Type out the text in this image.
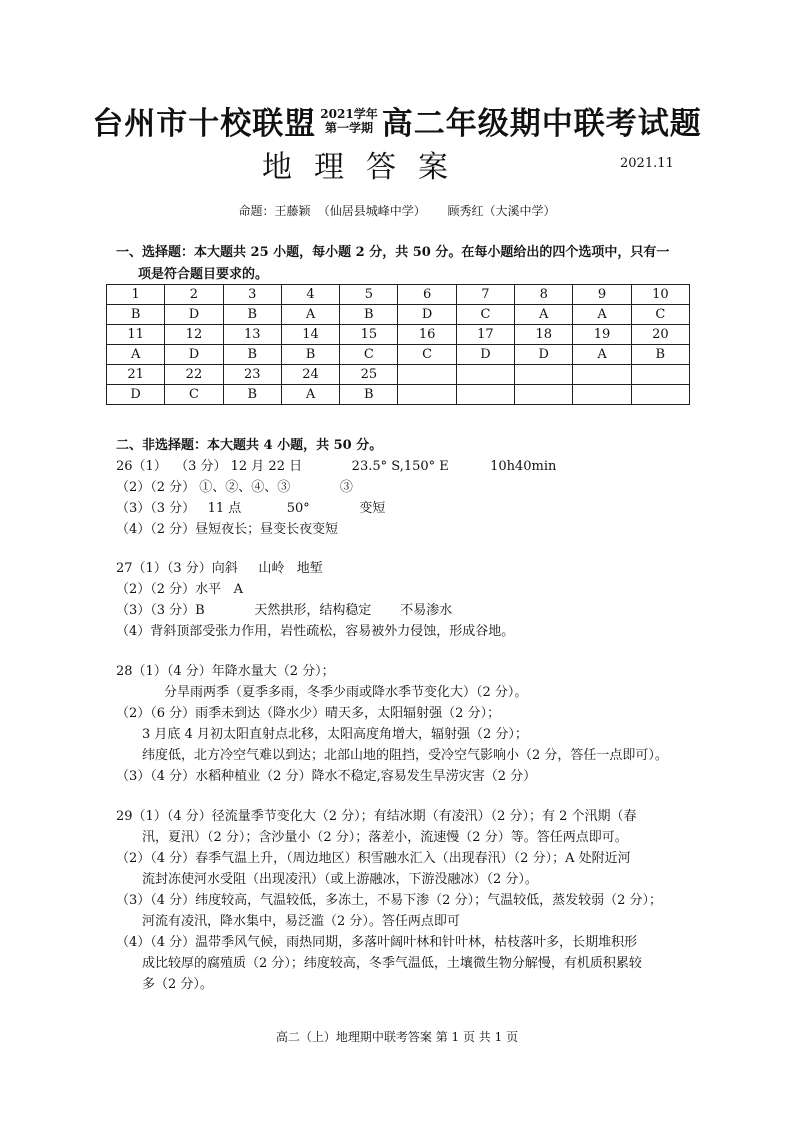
台州市十校联盟 2021学年
第一学期 高二年级期中联考试题
地理答案	2021.11
命题：王藤颖 （仙居县城峰中学）   顾秀红（大溪中学）
一、选择题：本大题共 25 小题，每小题 2 分，共 50 分。在每小题给出的四个选项中，只有一
项是符合题目要求的。
1	2	3	4	5	6	7	8	9	10
B	D	B	A	B	D	C	A	A	C
11	12	13	14	15	16	17	18	19	20
A	D	B	B	C	C	D	D	A	B
21	22	23	24	25					
D	C	B	A	B					
二、非选择题：本大题共 4 小题，共 50 分。
26（1）  （3 分） 12 月 22 日            23.5° S,150° E          10h40min
（2）（2 分） ①、②、④、③            ③
（3）（3 分）   11 点           50°            变短
（4）（2 分）昼短夜长；昼变长夜变短
27（1）（3 分）向斜     山岭   地堑
（2）（2 分）水平   A
（3）（3 分）B            天然拱形，结构稳定       不易渗水
（4）背斜顶部受张力作用，岩性疏松，容易被外力侵蚀，形成谷地。
28（1）（4 分）年降水量大（2 分）；
分旱雨两季（夏季多雨，冬季少雨或降水季节变化大）（2 分）。
（2）（6 分）雨季未到达（降水少）晴天多，太阳辐射强（2 分）；
3 月底 4 月初太阳直射点北移，太阳高度角增大，辐射强（2 分）；
纬度低，北方冷空气难以到达；北部山地的阻挡，受冷空气影响小（2 分，答任一点即可）。
（3）（4 分）水稻种植业（2 分）降水不稳定,容易发生旱涝灾害（2 分）
29（1）（4 分）径流量季节变化大（2 分）；有结冰期（有凌汛）（2 分）；有 2 个汛期（春
汛，夏汛）（2 分）；含沙量小（2 分）；落差小，流速慢（2 分）等。答任两点即可。
（2）（4 分）春季气温上升，（周边地区）积雪融水汇入（出现春汛）（2 分）；A 处附近河
流封冻使河水受阻（出现凌汛）（或上游融冰，下游没融冰）（2 分）。
（3）（4 分）纬度较高，气温较低，多冻土，不易下渗（2 分）；气温较低，蒸发较弱（2 分）；
河流有凌汛，降水集中，易泛滥（2 分）。答任两点即可
（4）（4 分）温带季风气候，雨热同期，多落叶阔叶林和针叶林，枯枝落叶多，长期堆积形
成比较厚的腐殖质（2 分）；纬度较高，冬季气温低，土壤微生物分解慢，有机质积累较
多（2 分）。
高二（上）地理期中联考答案 第 1 页 共 1 页
